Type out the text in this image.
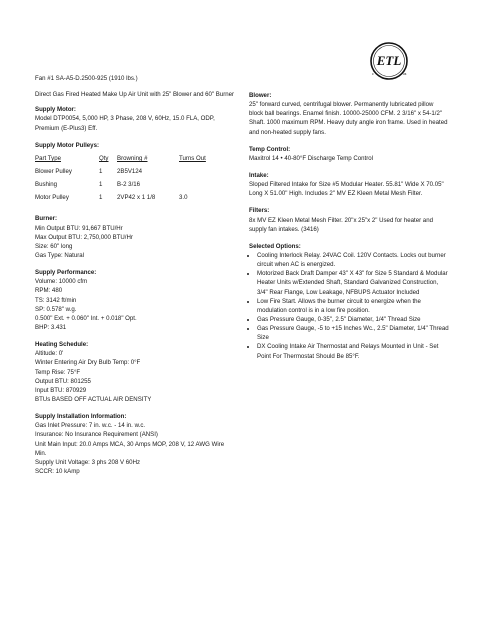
ETL
c	us

Fan #1 SA-A5-D.2500-925 (1910 lbs.)

Direct Gas Fired Heated Make Up Air Unit with 25" Blower and 60" Burner

Supply Motor:

Model DTP0054, 5,000 HP, 3 Phase, 208 V, 60Hz, 15.0 FLA, ODP, Premium (E-Plus3) Eff.

Supply Motor Pulleys:

Part Type	Qty	Browning #	Turns Out
Blower Pulley	1	2B5V124	
Bushing	1	B-2 3/16	
Motor Pulley	1	2VP42 x 1 1/8	3.0

Burner:

Min Output BTU: 91,667 BTU/Hr

Max Output BTU: 2,750,000 BTU/Hr

Size: 60" long

Gas Type: Natural

Supply Performance:

Volume: 10000 cfm

RPM: 480

TS: 3142 ft/min

SP: 0.578" w.g.

0.500" Ext. + 0.060" Int. + 0.018" Opt.

BHP: 3.431

Heating Schedule:

Altitude: 0'

Winter Entering Air Dry Bulb Temp: 0°F

Temp Rise: 75°F

Output BTU: 801255

Input BTU: 870929

BTUs BASED OFF ACTUAL AIR DENSITY

Supply Installation Information:

Gas Inlet Pressure: 7 in. w.c. - 14 in. w.c.

Insurance: No Insurance Requirement (ANSI)

Unit Main Input: 20.0 Amps MCA, 30 Amps MOP, 208 V, 12 AWG Wire Min.

Supply Unit Voltage: 3 phs 208 V 60Hz

SCCR: 10 kAmp

Blower:

25" forward curved, centrifugal blower. Permanently lubricated pillow block ball bearings. Enamel finish. 10000-25000 CFM. 2 3/16" x 54-1/2" Shaft. 1000 maximum RPM. Heavy duty angle iron frame. Used in heated and non-heated supply fans.

Temp Control:

Maxitrol 14 • 40-80°F Discharge Temp Control

Intake:

Sloped Filtered Intake for Size #5 Modular Heater. 55.81" Wide X 70.05" Long X 51.00" High. Includes 2" MV EZ Kleen Metal Mesh Filter.

Filters:

8x MV EZ Kleen Metal Mesh Filter. 20"x 25"x 2" Used for heater and supply fan intakes. (3416)

Selected Options:

• Cooling Interlock Relay. 24VAC Coil. 120V Contacts. Locks out burner circuit when AC is energized.
• Motorized Back Draft Damper 43" X 43" for Size 5 Standard & Modular Heater Units w/Extended Shaft, Standard Galvanized Construction, 3/4" Rear Flange, Low Leakage, NFBUPS Actuator Included
• Low Fire Start. Allows the burner circuit to energize when the modulation control is in a low fire position.
• Gas Pressure Gauge, 0-35", 2.5" Diameter, 1/4" Thread Size
• Gas Pressure Gauge, -5 to +15 Inches Wc., 2.5" Diameter, 1/4" Thread Size
• DX Cooling Intake Air Thermostat and Relays Mounted in Unit - Set Point For Thermostat Should Be 85°F.
